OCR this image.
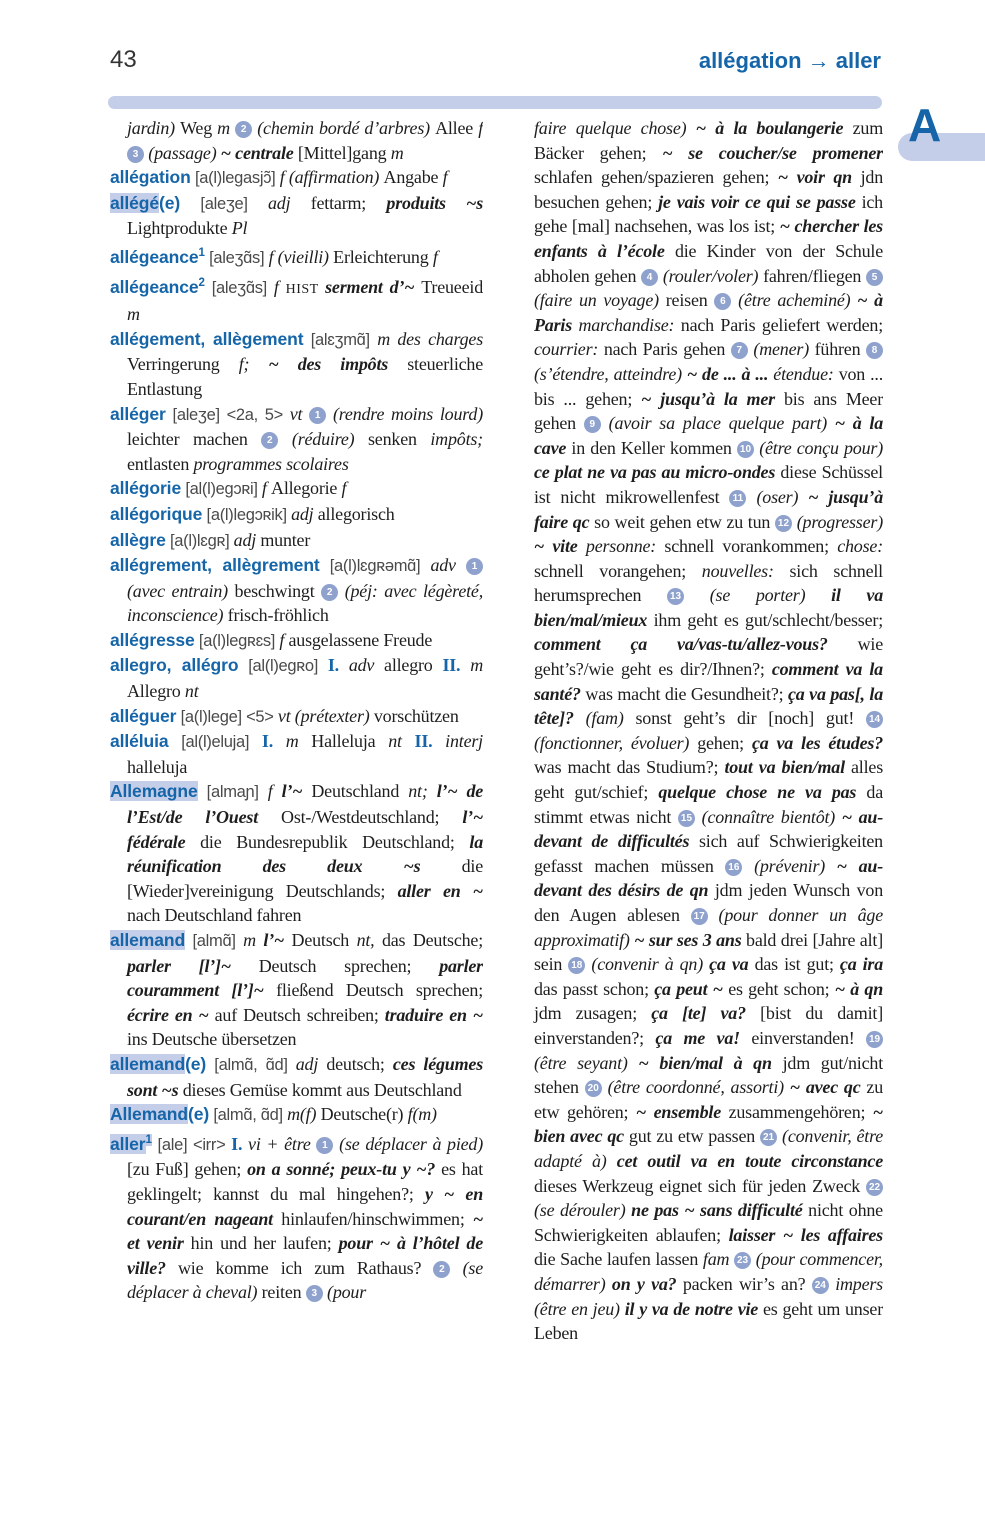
43	allégation → aller
A

jardin) Weg m 2 (chemin bordé d’arbres) Allee f 3 (passage) ~ centrale [Mittel]gang m

allégation [a(l)legasjɔ̃] f (affirmation) Angabe f

allégé(e) [aleʒe] adj fettarm; produits ~s Lightprodukte Pl

allégeance$^1$ [aleʒɑ̃s] f (vieilli) Erleichterung f

allégeance$^2$ [aleʒɑ̃s] f HIST serment d’~ Treueeid m

allégement, allègement [alɛʒmɑ̃] m des charges Verringerung f; ~ des impôts steuerliche Entlastung

alléger [aleʒe] <2a, 5> vt 1 (rendre moins lourd) leichter machen 2 (réduire) senken impôts; entlasten programmes scolaires

allégorie [al(l)egɔʀi] f Allegorie f

allégorique [a(l)legɔʀik] adj allegorisch

allègre [a(l)lɛgʀ] adj munter

allégrement, allègrement [a(l)lɛgʀəmɑ̃] adv 1 (avec entrain) beschwingt 2 (péj: avec légèreté, inconscience) frisch-fröhlich

allégresse [a(l)legʀɛs] f ausgelassene Freude

allegro, allégro [al(l)egʀo] I. adv allegro II. m Allegro nt

alléguer [a(l)lege] <5> vt (prétexter) vorschützen

alléluia [al(l)eluja] I. m Halleluja nt II. interj halleluja

Allemagne [almaɲ] f l’~ Deutschland nt; l’~ de l’Est/de l’Ouest Ost-/Westdeutschland; l’~ fédérale die Bundesrepublik Deutschland; la réunification des deux ~s die [Wieder]vereinigung Deutschlands; aller en ~ nach Deutschland fahren

allemand [almɑ̃] m l’~ Deutsch nt, das Deutsche; parler [l’]~ Deutsch sprechen; parler couramment [l’]~ fließend Deutsch sprechen; écrire en ~ auf Deutsch schreiben; traduire en ~ ins Deutsche übersetzen

allemand(e) [almɑ̃, ɑ̃d] adj deutsch; ces légumes sont ~s dieses Gemüse kommt aus Deutschland

Allemand(e) [almɑ̃, ɑ̃d] m(f) Deutsche(r) f(m)

aller$^1$ [ale] <irr> I. vi + être 1 (se déplacer à pied) [zu Fuß] gehen; on a sonné; peux-tu y ~? es hat geklingelt; kannst du mal hingehen?; y ~ en courant/en nageant hinlaufen/hinschwimmen; ~ et venir hin und her laufen; pour ~ à l’hôtel de ville? wie komme ich zum Rathaus? 2 (se déplacer à cheval) reiten 3 (pour

faire quelque chose) ~ à la boulangerie zum Bäcker gehen; ~ se coucher/se promener schlafen gehen/spazieren gehen; ~ voir qn jdn besuchen gehen; je vais voir ce qui se passe ich gehe [mal] nachsehen, was los ist; ~ chercher les enfants à l’école die Kinder von der Schule abholen gehen 4 (rouler/voler) fahren/fliegen 5 (faire un voyage) reisen 6 (être acheminé) ~ à Paris marchandise: nach Paris geliefert werden; courrier: nach Paris gehen 7 (mener) führen 8 (s’étendre, atteindre) ~ de ... à ... étendue: von ... bis ... gehen; ~ jusqu’à la mer bis ans Meer gehen 9 (avoir sa place quelque part) ~ à la cave in den Keller kommen 10 (être conçu pour) ce plat ne va pas au micro-ondes diese Schüssel ist nicht mikrowellenfest 11 (oser) ~ jusqu’à faire qc so weit gehen etw zu tun 12 (progresser) ~ vite personne: schnell vorankommen; chose: schnell vorangehen; nouvelles: sich schnell herumsprechen 13 (se porter) il va bien/mal/mieux ihm geht es gut/schlecht/besser; comment ça va/vas-tu/allez-vous? wie geht’s?/wie geht es dir?/Ihnen?; comment va la santé? was macht die Gesundheit?; ça va pas[, la tête]? (fam) sonst geht’s dir [noch] gut! 14 (fonctionner, évoluer) gehen; ça va les études? was macht das Studium?; tout va bien/mal alles geht gut/schief; quelque chose ne va pas da stimmt etwas nicht 15 (connaître bientôt) ~ au-devant de difficultés sich auf Schwierigkeiten gefasst machen müssen 16 (prévenir) ~ au-devant des désirs de qn jdm jeden Wunsch von den Augen ablesen 17 (pour donner un âge approximatif) ~ sur ses 3 ans bald drei [Jahre alt] sein 18 (convenir à qn) ça va das ist gut; ça ira das passt schon; ça peut ~ es geht schon; ~ à qn jdm zusagen; ça [te] va? [bist du damit] einverstanden?; ça me va! einverstanden! 19 (être seyant) ~ bien/mal à qn jdm gut/nicht stehen 20 (être coordonné, assorti) ~ avec qc zu etw gehören; ~ ensemble zusammengehören; ~ bien avec qc gut zu etw passen 21 (convenir, être adapté à) cet outil va en toute circonstance dieses Werkzeug eignet sich für jeden Zweck 22 (se dérouler) ne pas ~ sans difficulté nicht ohne Schwierigkeiten ablaufen; laisser ~ les affaires die Sache laufen lassen fam 23 (pour commencer, démarrer) on y va? packen wir’s an? 24 impers (être en jeu) il y va de notre vie es geht um unser Leben
